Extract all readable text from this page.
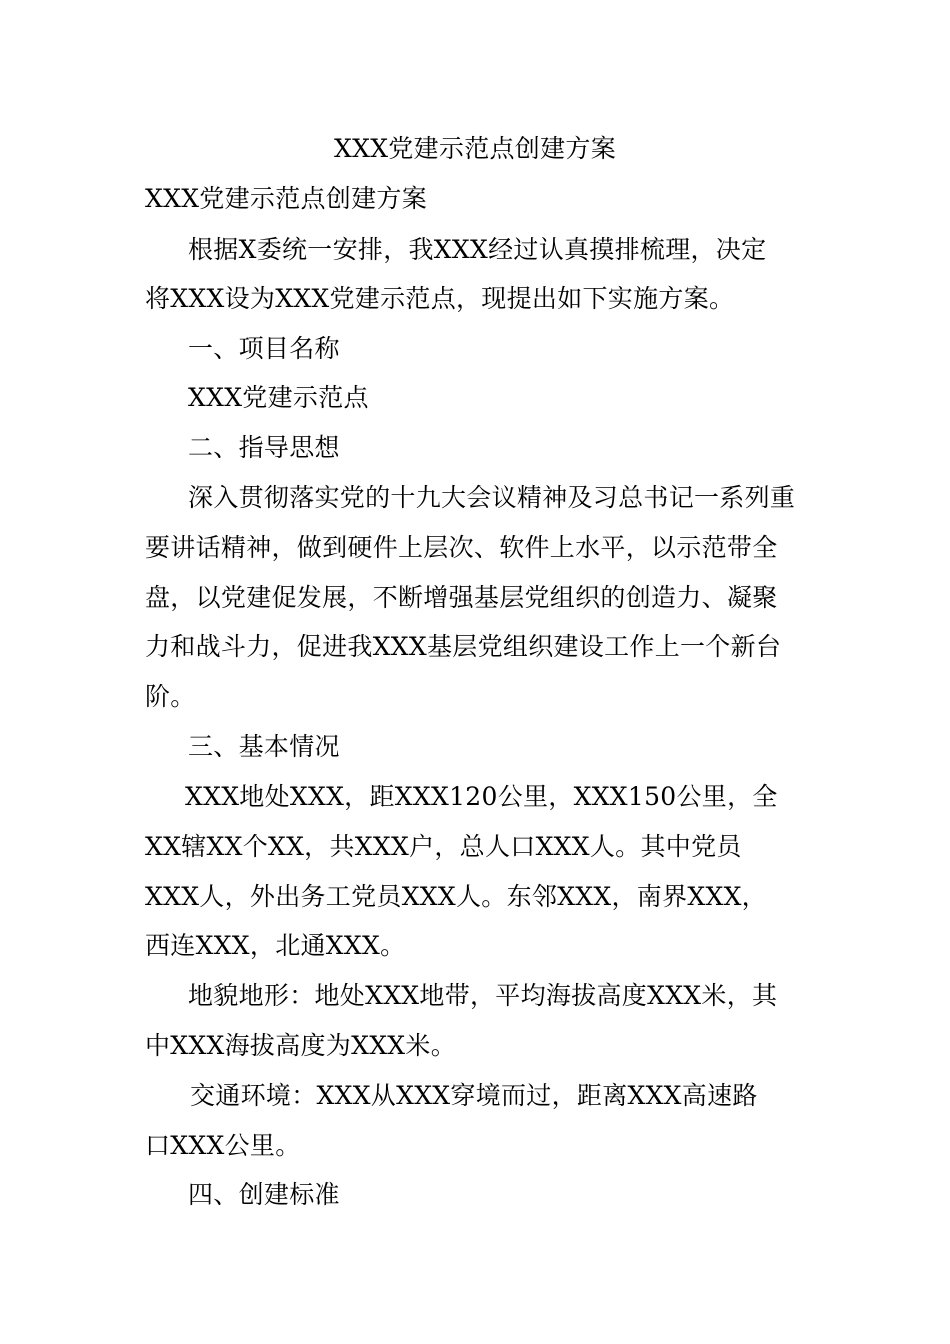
XXX党建示范点创建方案
XXX党建示范点创建方案
根据X委统一安排，我XXX经过认真摸排梳理，决定
将XXX设为XXX党建示范点，现提出如下实施方案。
一、项目名称
XXX党建示范点
二、指导思想
深入贯彻落实党的十九大会议精神及习总书记一系列重
要讲话精神，做到硬件上层次、软件上水平，以示范带全
盘，以党建促发展，不断增强基层党组织的创造力、凝聚
力和战斗力，促进我XXX基层党组织建设工作上一个新台
阶。
三、基本情况
XXX地处XXX，距XXX120公里，XXX150公里，全
XX辖XX个XX，共XXX户，总人口XXX人。其中党员
XXX人，外出务工党员XXX人。东邻XXX，南界XXX，
西连XXX，北通XXX。
地貌地形：地处XXX地带，平均海拔高度XXX米，其
中XXX海拔高度为XXX米。
交通环境：XXX从XXX穿境而过，距离XXX高速路
口XXX公里。
四、创建标准
